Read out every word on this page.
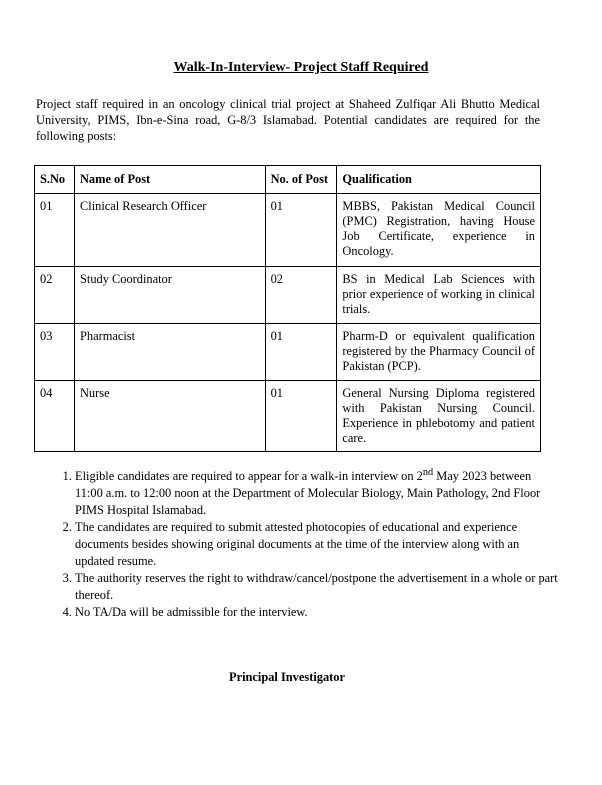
Walk-In-Interview- Project Staff Required
Project staff required in an oncology clinical trial project at Shaheed Zulfiqar Ali Bhutto Medical University, PIMS, Ibn-e-Sina road, G-8/3 Islamabad. Potential candidates are required for the following posts:
S.No	Name of Post	No. of Post	Qualification
01	Clinical Research Officer	01	MBBS, Pakistan Medical Council (PMC) Registration, having House Job Certificate, experience in Oncology.
02	Study Coordinator	02	BS in Medical Lab Sciences with prior experience of working in clinical trials.
03	Pharmacist	01	Pharm-D or equivalent qualification registered by the Pharmacy Council of Pakistan (PCP).
04	Nurse	01	General Nursing Diploma registered with Pakistan Nursing Council. Experience in phlebotomy and patient care.
1. Eligible candidates are required to appear for a walk-in interview on 2nd May 2023 between 11:00 a.m. to 12:00 noon at the Department of Molecular Biology, Main Pathology, 2nd Floor PIMS Hospital Islamabad.
2. The candidates are required to submit attested photocopies of educational and experience documents besides showing original documents at the time of the interview along with an updated resume.
3. The authority reserves the right to withdraw/cancel/postpone the advertisement in a whole or part thereof.
4. No TA/Da will be admissible for the interview.
Principal Investigator
